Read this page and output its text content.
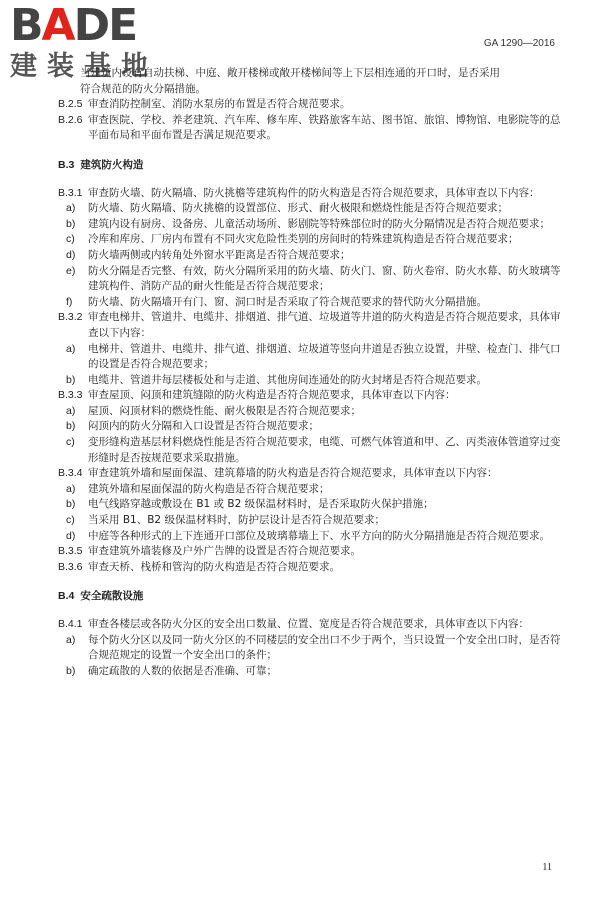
BADE
建装基地
GA 1290—2016
当建筑内设有自动扶梯、中庭、敞开楼梯或敞开楼梯间等上下层相连通的开口时，是否采用
符合规范的防火分隔措施。
B.2.5 审查消防控制室、消防水泵房的布置是否符合规范要求。
B.2.6 审查医院、学校、养老建筑、汽车库、修车库、铁路旅客车站、图书馆、旅馆、博物馆、电影院等的总平面布局和平面布置是否满足规范要求。
B.3 建筑防火构造
B.3.1 审查防火墙、防火隔墙、防火挑檐等建筑构件的防火构造是否符合规范要求，具体审查以下内容：
a)	防火墙、防火隔墙、防火挑檐的设置部位、形式、耐火极限和燃烧性能是否符合规范要求；
b)	建筑内设有厨房、设备房、儿童活动场所、影剧院等特殊部位时的防火分隔情况是否符合规范要求；
c)	冷库和库房、厂房内布置有不同火灾危险性类别的房间时的特殊建筑构造是否符合规范要求；
d)	防火墙两侧或内转角处外窗水平距离是否符合规范要求；
e)	防火分隔是否完整、有效，防火分隔所采用的防火墙、防火门、窗、防火卷帘、防火水幕、防火玻璃等建筑构件、消防产品的耐火性能是否符合规范要求；
f)	防火墙、防火隔墙开有门、窗、洞口时是否采取了符合规范要求的替代防火分隔措施。
B.3.2 审查电梯井、管道井、电缆井、排烟道、排气道、垃圾道等井道的防火构造是否符合规范要求，具体审查以下内容：
a)	电梯井、管道井、电缆井、排气道、排烟道、垃圾道等竖向井道是否独立设置，井壁、检查门、排气口的设置是否符合规范要求；
b)	电缆井、管道井每层楼板处和与走道、其他房间连通处的防火封堵是否符合规范要求。
B.3.3 审查屋顶、闷顶和建筑缝隙的防火构造是否符合规范要求，具体审查以下内容：
a)	屋顶、闷顶材料的燃烧性能、耐火极限是否符合规范要求；
b)	闷顶内的防火分隔和入口设置是否符合规范要求；
c)	变形缝构造基层材料燃烧性能是否符合规范要求，电缆、可燃气体管道和甲、乙、丙类液体管道穿过变形缝时是否按规范要求采取措施。
B.3.4 审查建筑外墙和屋面保温、建筑幕墙的防火构造是否符合规范要求，具体审查以下内容：
a)	建筑外墙和屋面保温的防火构造是否符合规范要求；
b)	电气线路穿越或敷设在 B1 或 B2 级保温材料时，是否采取防火保护措施；
c)	当采用 B1、B2 级保温材料时，防护层设计是否符合规范要求；
d)	中庭等各种形式的上下连通开口部位及玻璃幕墙上下、水平方向的防火分隔措施是否符合规范要求。
B.3.5 审查建筑外墙装修及户外广告牌的设置是否符合规范要求。
B.3.6 审查天桥、栈桥和管沟的防火构造是否符合规范要求。
B.4 安全疏散设施
B.4.1 审查各楼层或各防火分区的安全出口数量、位置、宽度是否符合规范要求，具体审查以下内容：
a)	每个防火分区以及同一防火分区的不同楼层的安全出口不少于两个，当只设置一个安全出口时，是否符合规范规定的设置一个安全出口的条件；
b)	确定疏散的人数的依据是否准确、可靠；
11
